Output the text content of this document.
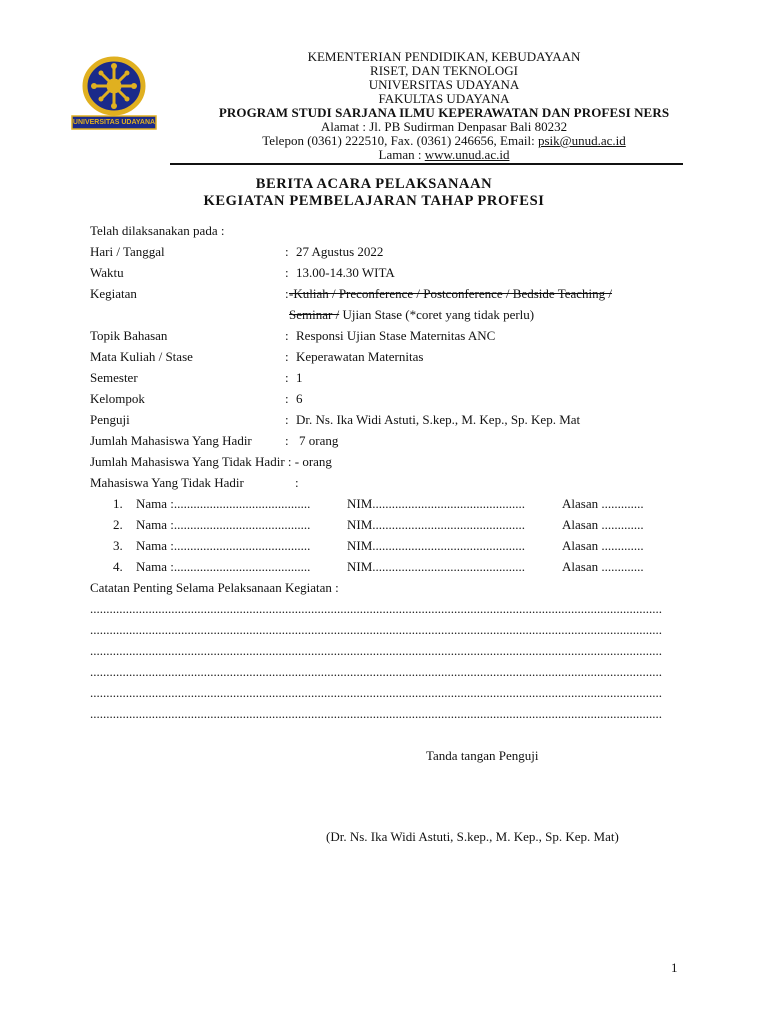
UNIVERSITAS UDAYANA
KEMENTERIAN PENDIDIKAN, KEBUDAYAAN
RISET, DAN TEKNOLOGI
UNIVERSITAS UDAYANA
FAKULTAS UDAYANA
PROGRAM STUDI SARJANA ILMU KEPERAWATAN DAN PROFESI NERS
Alamat : Jl. PB Sudirman Denpasar Bali 80232
Telepon (0361) 222510, Fax. (0361) 246656, Email: psik@unud.ac.id
Laman : www.unud.ac.id
BERITA ACARA PELAKSANAAN
KEGIATAN PEMBELAJARAN TAHAP PROFESI
Telah dilaksanakan pada :
Hari / Tanggal	: 27 Agustus 2022
Waktu	: 13.00-14.30 WITA
Kegiatan	: -Kuliah / Preconference / Postconference / Bedside Teaching /
Seminar / Ujian Stase (*coret yang tidak perlu)
Topik Bahasan	: Responsi Ujian Stase Maternitas ANC
Mata Kuliah / Stase	: Keperawatan Maternitas
Semester	: 1
Kelompok	: 6
Penguji	: Dr. Ns. Ika Widi Astuti, S.kep., M. Kep., Sp. Kep. Mat
Jumlah Mahasiswa Yang Hadir	: 7 orang
Jumlah Mahasiswa Yang Tidak Hadir : - orang
Mahasiswa Yang Tidak Hadir	:
1. Nama :..........................................	NIM...............................................	Alasan .............
2. Nama :..........................................	NIM...............................................	Alasan .............
3. Nama :..........................................	NIM...............................................	Alasan .............
4. Nama :..........................................	NIM...............................................	Alasan .............
Catatan Penting Selama Pelaksanaan Kegiatan :
................................................................................................................................................................................
................................................................................................................................................................................
................................................................................................................................................................................
................................................................................................................................................................................
................................................................................................................................................................................
................................................................................................................................................................................
Tanda tangan Penguji
(Dr. Ns. Ika Widi Astuti, S.kep., M. Kep., Sp. Kep. Mat)
1
